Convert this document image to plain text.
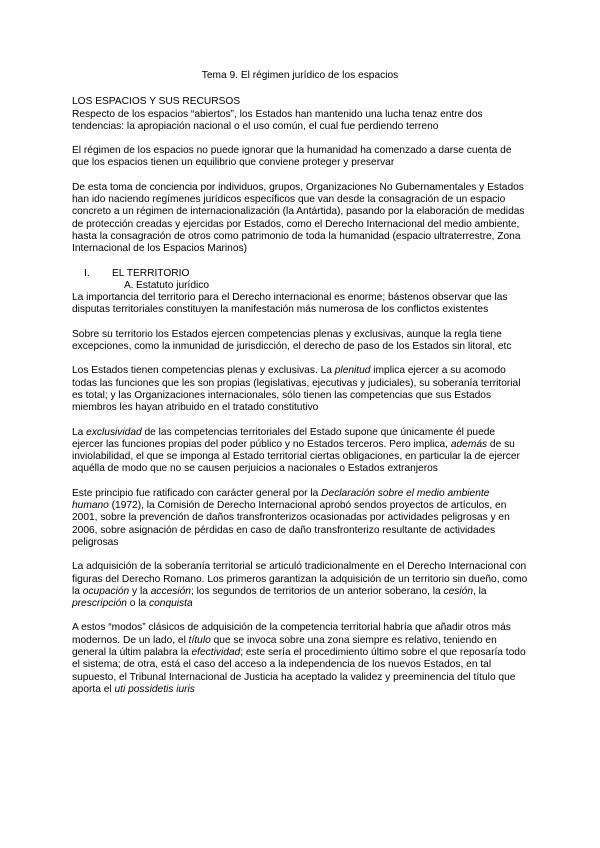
Tema 9. El régimen jurídico de los espacios

LOS ESPACIOS Y SUS RECURSOS

Respecto de los espacios “abiertos”, los Estados han mantenido una lucha tenaz entre dos tendencias: la apropiación nacional o el uso común, el cual fue perdiendo terreno

El régimen de los espacios no puede ignorar que la humanidad ha comenzado a darse cuenta de que los espacios tienen un equilibrio que conviene proteger y preservar

De esta toma de conciencia por individuos, grupos, Organizaciones No Gubernamentales y Estados han ido naciendo regímenes jurídicos específicos que van desde la consagración de un espacio concreto a un régimen de internacionalización (la Antártida), pasando por la elaboración de medidas de protección creadas y ejercidas por Estados, como el Derecho Internacional del medio ambiente, hasta la consagración de otros como patrimonio de toda la humanidad (espacio ultraterrestre, Zona Internacional de los Espacios Marinos)

I. EL TERRITORIO
A. Estatuto jurídico

La importancia del territorio para el Derecho internacional es enorme; bástenos observar que las disputas territoriales constituyen la manifestación más numerosa de los conflictos existentes

Sobre su territorio los Estados ejercen competencias plenas y exclusivas, aunque la regla tiene excepciones, como la inmunidad de jurisdicción, el derecho de paso de los Estados sin litoral, etc

Los Estados tienen competencias plenas y exclusivas. La plenitud implica ejercer a su acomodo todas las funciones que les son propias (legislativas, ejecutivas y judiciales), su soberanía territorial es total; y las Organizaciones internacionales, sólo tienen las competencias que sus Estados miembros les hayan atribuido en el tratado constitutivo

La exclusividad de las competencias territoriales del Estado supone que únicamente él puede ejercer las funciones propias del poder público y no Estados terceros. Pero implica, además de su inviolabilidad, el que se imponga al Estado territorial ciertas obligaciones, en particular la de ejercer aquélla de modo que no se causen perjuicios a nacionales o Estados extranjeros

Este principio fue ratificado con carácter general por la Declaración sobre el medio ambiente humano (1972), la Comisión de Derecho Internacional aprobó sendos proyectos de artículos, en 2001, sobre la prevención de daños transfronterizos ocasionadas por actividades peligrosas y en 2006, sobre asignación de pérdidas en caso de daño transfronterizo resultante de actividades peligrosas

La adquisición de la soberanía territorial se articuló tradicionalmente en el Derecho Internacional con figuras del Derecho Romano. Los primeros garantizan la adquisición de un territorio sin dueño, como la ocupación y la accesión; los segundos de territorios de un anterior soberano, la cesión, la prescripción o la conquista

A estos “modos” clásicos de adquisición de la competencia territorial habría que añadir otros más modernos. De un lado, el título que se invoca sobre una zona siempre es relativo, teniendo en general la últim palabra la efectividad; este sería el procedimiento último sobre el que reposaría todo el sistema; de otra, está el caso del acceso a la independencia de los nuevos Estados, en tal supuesto, el Tribunal Internacional de Justicia ha aceptado la validez y preeminencia del título que aporta el uti possidetis iuris
